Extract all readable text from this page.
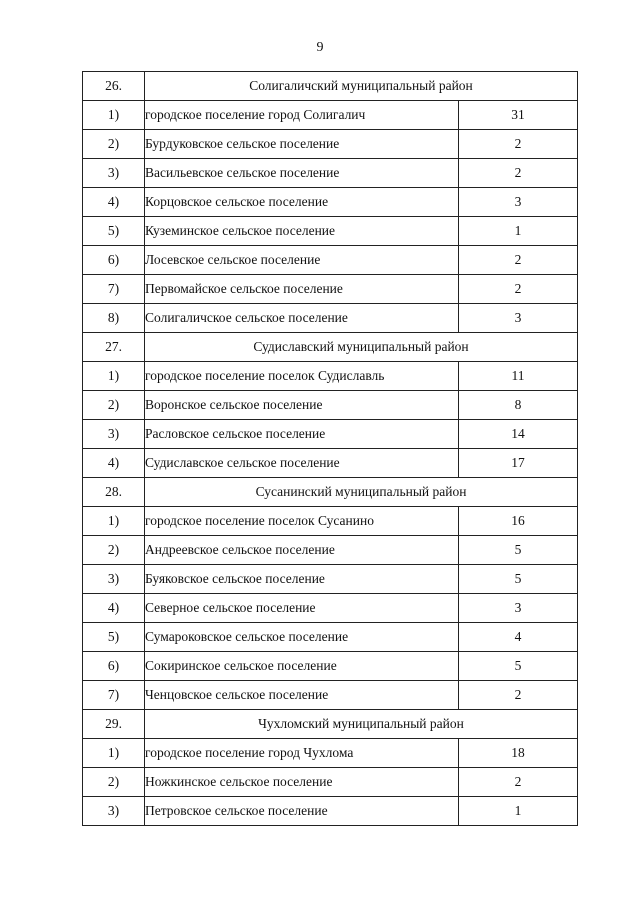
9
26.	Солигаличский муниципальный район	
1)	городское поселение город Солигалич	31
2)	Бурдуковское сельское поселение	2
3)	Васильевское сельское поселение	2
4)	Корцовское сельское поселение	3
5)	Куземинское сельское поселение	1
6)	Лосевское сельское поселение	2
7)	Первомайское сельское поселение	2
8)	Солигаличское сельское поселение	3
27.	Судиславский муниципальный район	
1)	городское поселение поселок Судиславль	11
2)	Воронское сельское поселение	8
3)	Расловское сельское поселение	14
4)	Судиславское сельское поселение	17
28.	Сусанинский муниципальный район	
1)	городское поселение поселок Сусанино	16
2)	Андреевское сельское поселение	5
3)	Буяковское сельское поселение	5
4)	Северное сельское поселение	3
5)	Сумароковское сельское поселение	4
6)	Сокиринское сельское поселение	5
7)	Ченцовское сельское поселение	2
29.	Чухломский муниципальный район	
1)	городское поселение город Чухлома	18
2)	Ножкинское сельское поселение	2
3)	Петровское сельское поселение	1
